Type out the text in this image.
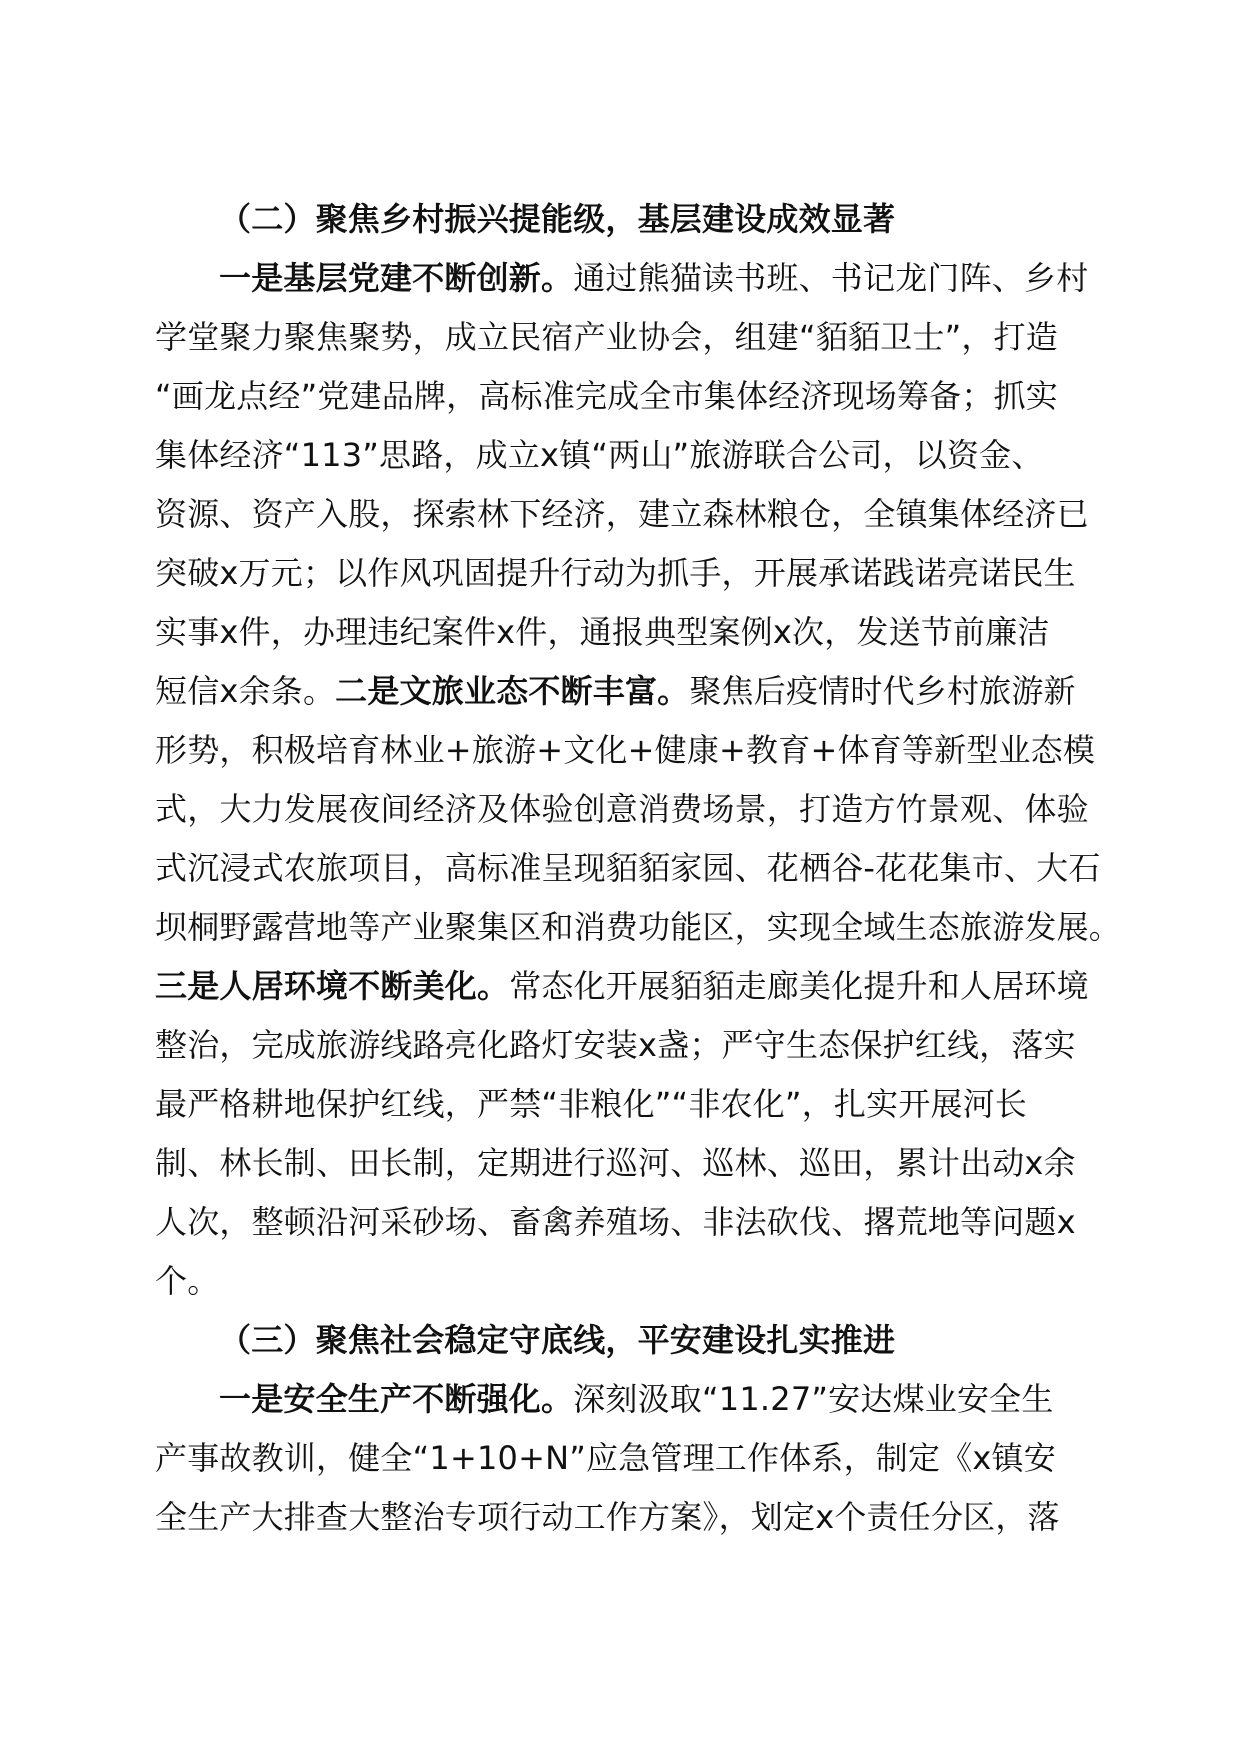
（二）聚焦乡村振兴提能级，基层建设成效显著
一是基层党建不断创新。通过熊猫读书班、书记龙门阵、乡村
学堂聚力聚焦聚势，成立民宿产业协会，组建“貊貊卫士”，打造
“画龙点经”党建品牌，高标准完成全市集体经济现场筹备；抓实
集体经济“113”思路，成立x镇“两山”旅游联合公司，以资金、
资源、资产入股，探索林下经济，建立森林粮仓，全镇集体经济已
突破x万元；以作风巩固提升行动为抓手，开展承诺践诺亮诺民生
实事x件，办理违纪案件x件，通报典型案例x次，发送节前廉洁
短信x余条。二是文旅业态不断丰富。聚焦后疫情时代乡村旅游新
形势，积极培育林业+旅游+文化+健康+教育+体育等新型业态模
式，大力发展夜间经济及体验创意消费场景，打造方竹景观、体验
式沉浸式农旅项目，高标准呈现貊貊家园、花栖谷-花花集市、大石
坝桐野露营地等产业聚集区和消费功能区，实现全域生态旅游发展。
三是人居环境不断美化。常态化开展貊貊走廊美化提升和人居环境
整治，完成旅游线路亮化路灯安装x盏；严守生态保护红线，落实
最严格耕地保护红线，严禁“非粮化”“非农化”，扎实开展河长
制、林长制、田长制，定期进行巡河、巡林、巡田，累计出动x余
人次，整顿沿河采砂场、畜禽养殖场、非法砍伐、撂荒地等问题x
个。
（三）聚焦社会稳定守底线，平安建设扎实推进
一是安全生产不断强化。深刻汲取“11.27”安达煤业安全生
产事故教训，健全“1+10+N”应急管理工作体系，制定《x镇安
全生产大排查大整治专项行动工作方案》，划定x个责任分区，落
